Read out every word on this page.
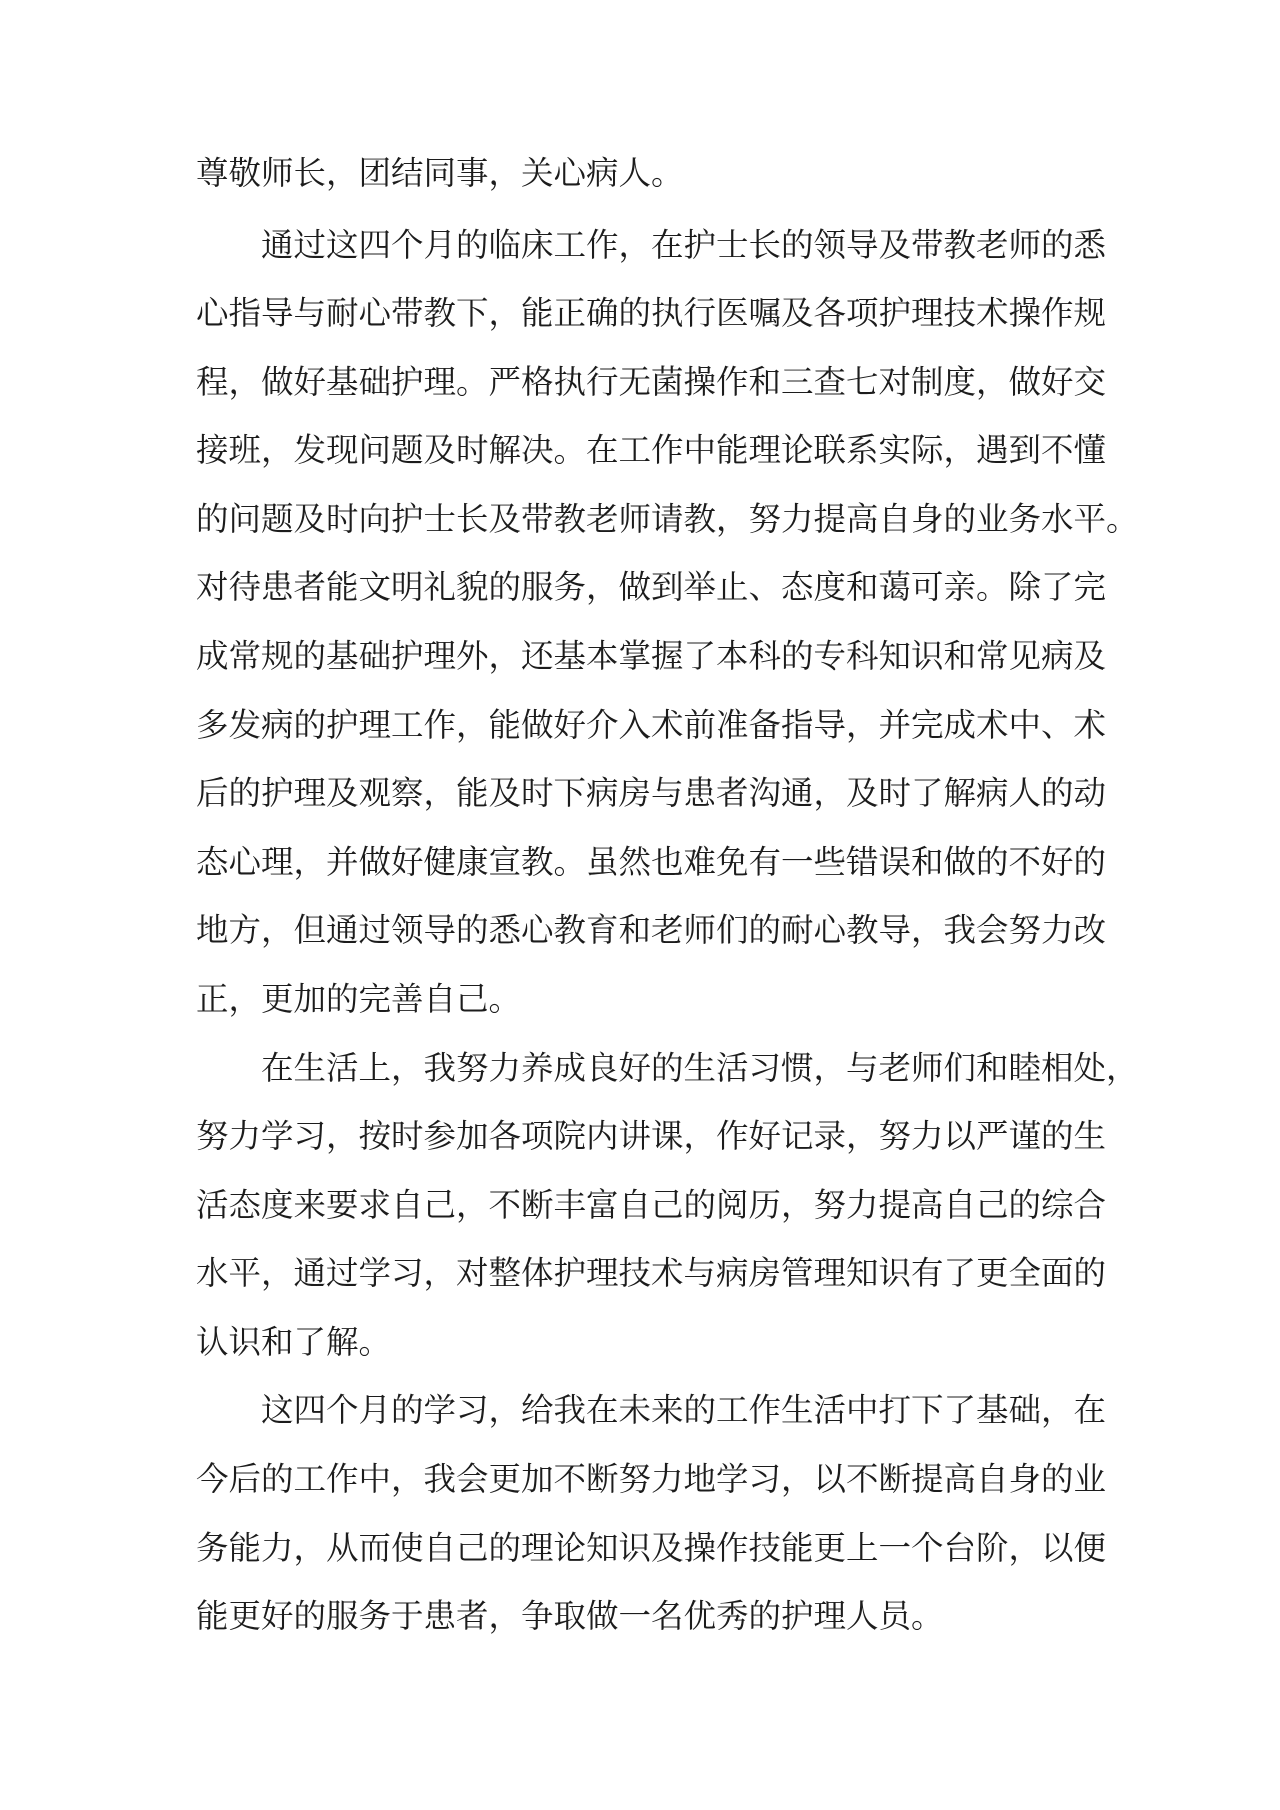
尊敬师长，团结同事，关心病人。

通过这四个月的临床工作，在护士长的领导及带教老师的悉

心指导与耐心带教下，能正确的执行医嘱及各项护理技术操作规

程，做好基础护理。严格执行无菌操作和三查七对制度，做好交

接班，发现问题及时解决。在工作中能理论联系实际，遇到不懂

的问题及时向护士长及带教老师请教，努力提高自身的业务水平。

对待患者能文明礼貌的服务，做到举止、态度和蔼可亲。除了完

成常规的基础护理外，还基本掌握了本科的专科知识和常见病及

多发病的护理工作，能做好介入术前准备指导，并完成术中、术

后的护理及观察，能及时下病房与患者沟通，及时了解病人的动

态心理，并做好健康宣教。虽然也难免有一些错误和做的不好的

地方，但通过领导的悉心教育和老师们的耐心教导，我会努力改

正，更加的完善自己。

在生活上，我努力养成良好的生活习惯，与老师们和睦相处，

努力学习，按时参加各项院内讲课，作好记录，努力以严谨的生

活态度来要求自己，不断丰富自己的阅历，努力提高自己的综合

水平，通过学习，对整体护理技术与病房管理知识有了更全面的

认识和了解。

这四个月的学习，给我在未来的工作生活中打下了基础，在

今后的工作中，我会更加不断努力地学习，以不断提高自身的业

务能力，从而使自己的理论知识及操作技能更上一个台阶，以便

能更好的服务于患者，争取做一名优秀的护理人员。
